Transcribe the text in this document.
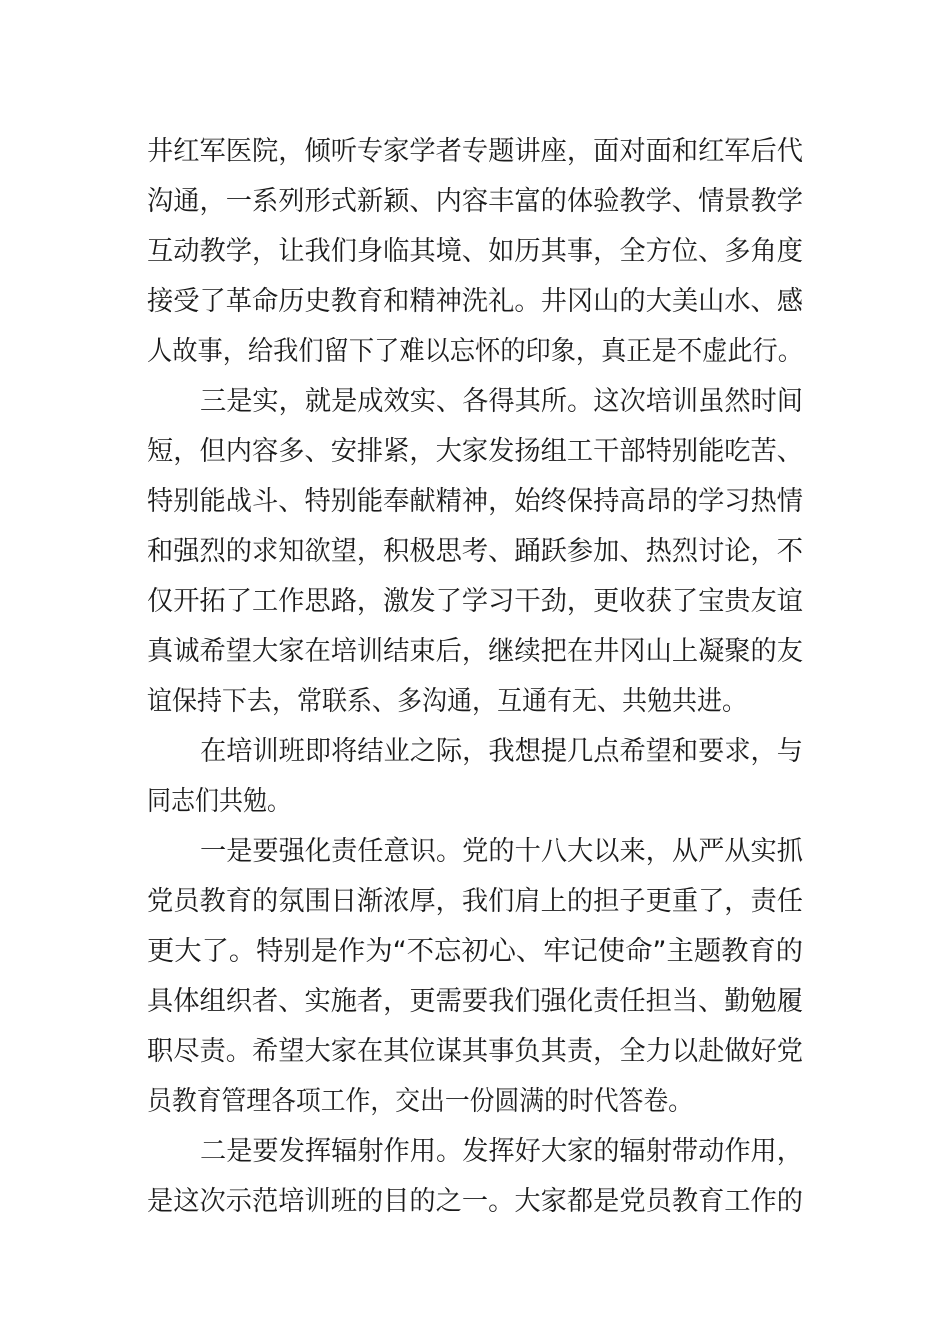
井红军医院，倾听专家学者专题讲座，面对面和红军后代
沟通，一系列形式新颖、内容丰富的体验教学、情景教学
互动教学，让我们身临其境、如历其事，全方位、多角度
接受了革命历史教育和精神洗礼。井冈山的大美山水、感
人故事，给我们留下了难以忘怀的印象，真正是不虚此行。
三是实，就是成效实、各得其所。这次培训虽然时间
短，但内容多、安排紧，大家发扬组工干部特别能吃苦、
特别能战斗、特别能奉献精神，始终保持高昂的学习热情
和强烈的求知欲望，积极思考、踊跃参加、热烈讨论，不
仅开拓了工作思路，激发了学习干劲，更收获了宝贵友谊
真诚希望大家在培训结束后，继续把在井冈山上凝聚的友
谊保持下去，常联系、多沟通，互通有无、共勉共进。
在培训班即将结业之际，我想提几点希望和要求，与
同志们共勉。
一是要强化责任意识。党的十八大以来，从严从实抓
党员教育的氛围日渐浓厚，我们肩上的担子更重了，责任
更大了。特别是作为“不忘初心、牢记使命”主题教育的
具体组织者、实施者，更需要我们强化责任担当、勤勉履
职尽责。希望大家在其位谋其事负其责，全力以赴做好党
员教育管理各项工作，交出一份圆满的时代答卷。
二是要发挥辐射作用。发挥好大家的辐射带动作用，
是这次示范培训班的目的之一。大家都是党员教育工作的
